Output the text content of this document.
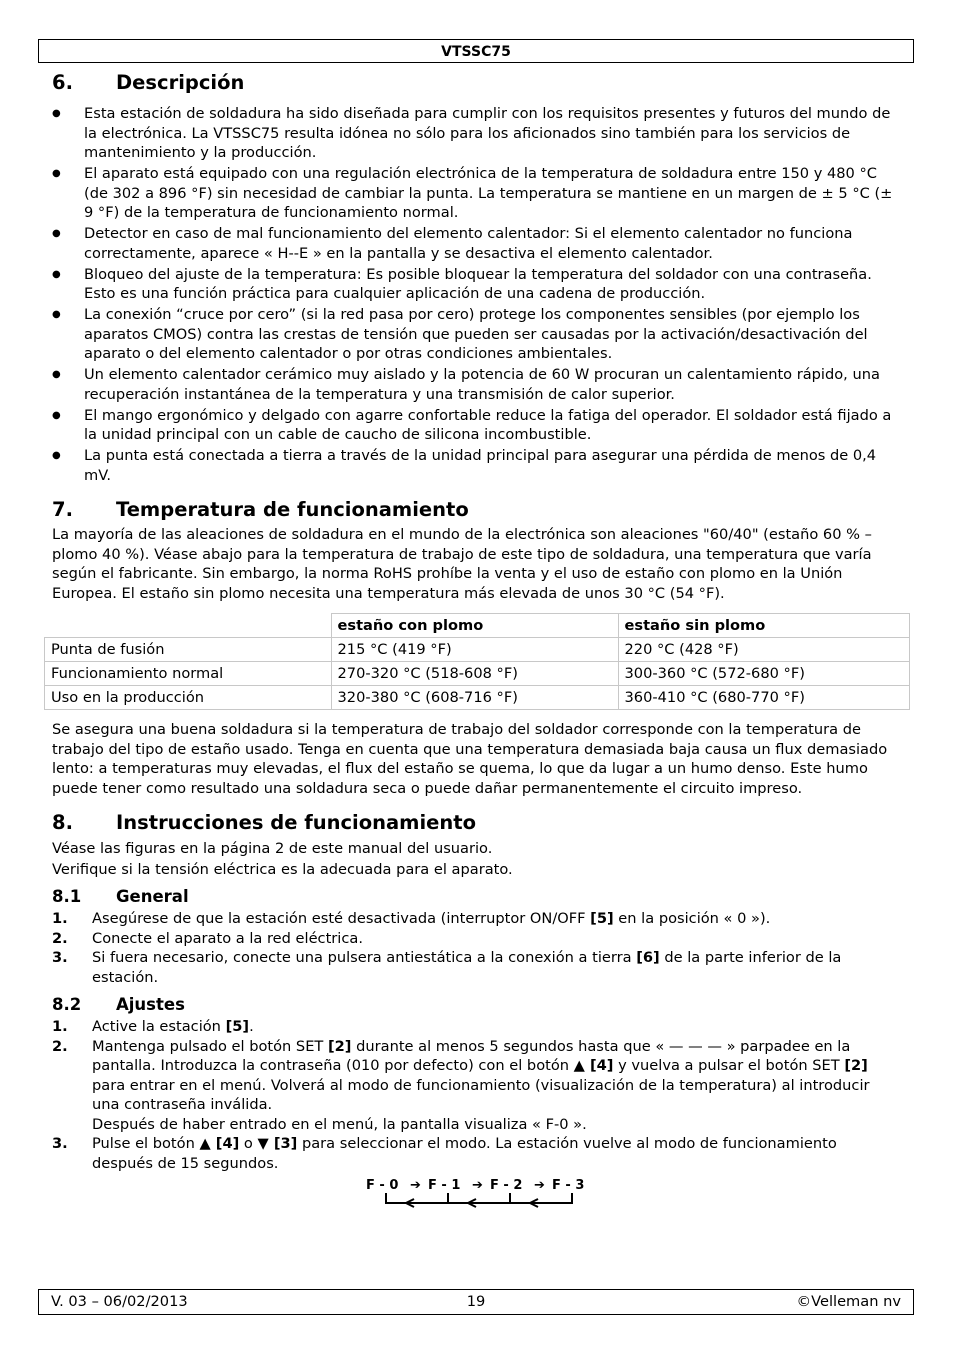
VTSSC75
6.	Descripción
● Esta estación de soldadura ha sido diseñada para cumplir con los requisitos presentes y futuros del mundo de la electrónica. La VTSSC75 resulta idónea no sólo para los aficionados sino también para los servicios de mantenimiento y la producción.
● El aparato está equipado con una regulación electrónica de la temperatura de soldadura entre 150 y 480 °C (de 302 a 896 °F) sin necesidad de cambiar la punta. La temperatura se mantiene en un margen de ± 5 °C (± 9 °F) de la temperatura de funcionamiento normal.
● Detector en caso de mal funcionamiento del elemento calentador: Si el elemento calentador no funciona correctamente, aparece « H--E » en la pantalla y se desactiva el elemento calentador.
● Bloqueo del ajuste de la temperatura: Es posible bloquear la temperatura del soldador con una contraseña. Esto es una función práctica para cualquier aplicación de una cadena de producción.
● La conexión “cruce por cero” (si la red pasa por cero) protege los componentes sensibles (por ejemplo los aparatos CMOS) contra las crestas de tensión que pueden ser causadas por la activación/desactivación del aparato o del elemento calentador o por otras condiciones ambientales.
● Un elemento calentador cerámico muy aislado y la potencia de 60 W procuran un calentamiento rápido, una recuperación instantánea de la temperatura y una transmisión de calor superior.
● El mango ergonómico y delgado con agarre confortable reduce la fatiga del operador. El soldador está fijado a la unidad principal con un cable de caucho de silicona incombustible.
● La punta está conectada a tierra a través de la unidad principal para asegurar una pérdida de menos de 0,4 mV.
7.	Temperatura de funcionamiento

La mayoría de las aleaciones de soldadura en el mundo de la electrónica son aleaciones "60/40" (estaño 60 % – plomo 40 %). Véase abajo para la temperatura de trabajo de este tipo de soldadura, una temperatura que varía según el fabricante. Sin embargo, la norma RoHS prohíbe la venta y el uso de estaño con plomo en la Unión Europea. El estaño sin plomo necesita una temperatura más elevada de unos 30 °C (54 °F).

	estaño con plomo	estaño sin plomo
Punta de fusión	215 °C (419 °F)	220 °C (428 °F)
Funcionamiento normal	270-320 °C (518-608 °F)	300-360 °C (572-680 °F)
Uso en la producción	320-380 °C (608-716 °F)	360-410 °C (680-770 °F)

Se asegura una buena soldadura si la temperatura de trabajo del soldador corresponde con la temperatura de trabajo del tipo de estaño usado. Tenga en cuenta que una temperatura demasiada baja causa un flux demasiado lento: a temperaturas muy elevadas, el flux del estaño se quema, lo que da lugar a un humo denso. Este humo puede tener como resultado una soldadura seca o puede dañar permanentemente el circuito impreso.

8.	Instrucciones de funcionamiento

Véase las figuras en la página 2 de este manual del usuario.

Verifique si la tensión eléctrica es la adecuada para el aparato.

8.1	General
1. Asegúrese de que la estación esté desactivada (interruptor ON/OFF [5] en la posición « 0 »).
2. Conecte el aparato a la red eléctrica.
3. Si fuera necesario, conecte una pulsera antiestática a la conexión a tierra [6] de la parte inferior de la estación.
8.2	Ajustes
1. Active la estación [5].
2. Mantenga pulsado el botón SET [2] durante al menos 5 segundos hasta que « — — — » parpadee en la pantalla. Introduzca la contraseña (010 por defecto) con el botón ▲ [4] y vuelva a pulsar el botón SET [2] para entrar en el menú. Volverá al modo de funcionamiento (visualización de la temperatura) al introducir una contraseña inválida.
Después de haber entrado en el menú, la pantalla visualiza « F-0 ».
3. Pulse el botón ▲ [4] o ▼ [3] para seleccionar el modo. La estación vuelve al modo de funcionamiento después de 15 segundos.
F - 0 ➔ F - 1 ➔ F - 2 ➔ F - 3
V. 03 – 06/02/2013	19	©Velleman nv
